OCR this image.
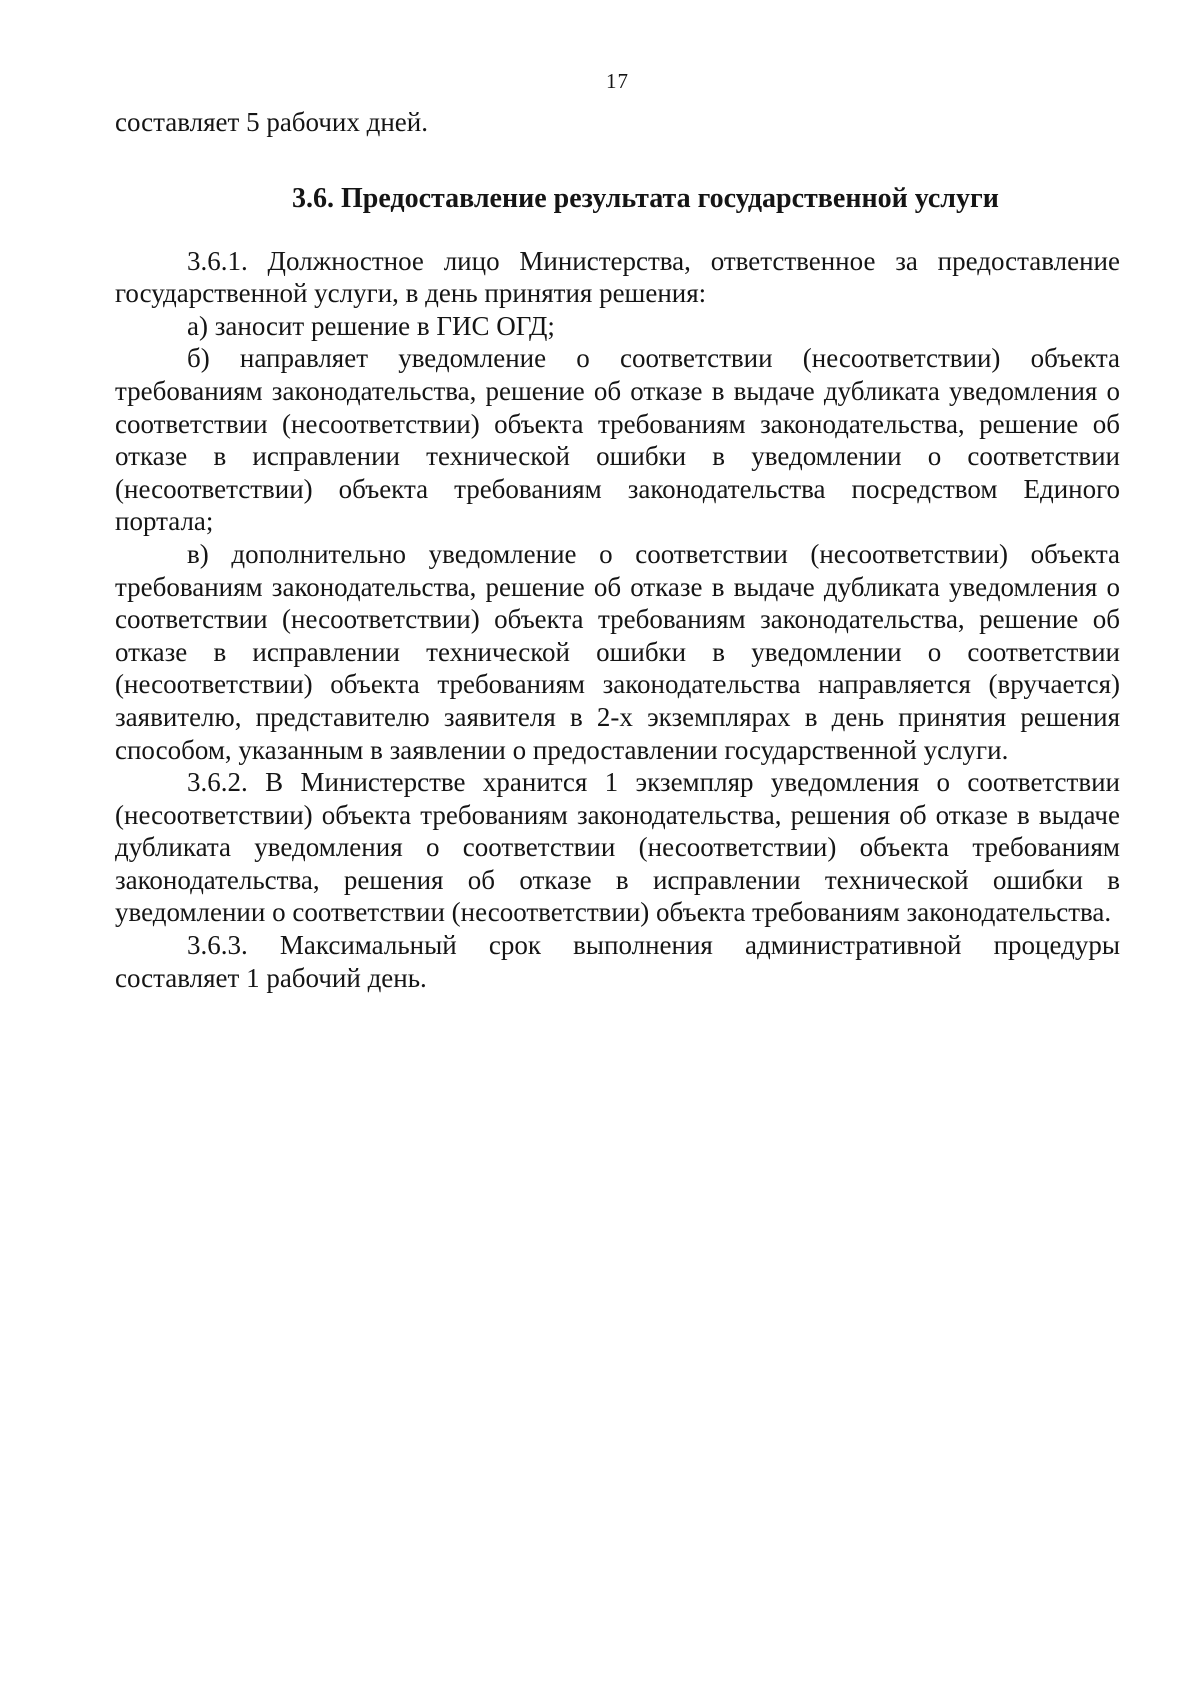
17

составляет 5 рабочих дней.

3.6. Предоставление результата государственной услуги

3.6.1. Должностное лицо Министерства, ответственное за предоставление государственной услуги, в день принятия решения:

а) заносит решение в ГИС ОГД;

б) направляет уведомление о соответствии (несоответствии) объекта требованиям законодательства, решение об отказе в выдаче дубликата уведомления о соответствии (несоответствии) объекта требованиям законодательства, решение об отказе в исправлении технической ошибки в уведомлении о соответствии (несоответствии) объекта требованиям законодательства посредством Единого портала;

в) дополнительно уведомление о соответствии (несоответствии) объекта требованиям законодательства, решение об отказе в выдаче дубликата уведомления о соответствии (несоответствии) объекта требованиям законодательства, решение об отказе в исправлении технической ошибки в уведомлении о соответствии (несоответствии) объекта требованиям законодательства направляется (вручается) заявителю, представителю заявителя в 2-х экземплярах в день принятия решения способом, указанным в заявлении о предоставлении государственной услуги.

3.6.2. В Министерстве хранится 1 экземпляр уведомления о соответствии (несоответствии) объекта требованиям законодательства, решения об отказе в выдаче дубликата уведомления о соответствии (несоответствии) объекта требованиям законодательства, решения об отказе в исправлении технической ошибки в уведомлении о соответствии (несоответствии) объекта требованиям законодательства.

3.6.3. Максимальный срок выполнения административной процедуры составляет 1 рабочий день.
